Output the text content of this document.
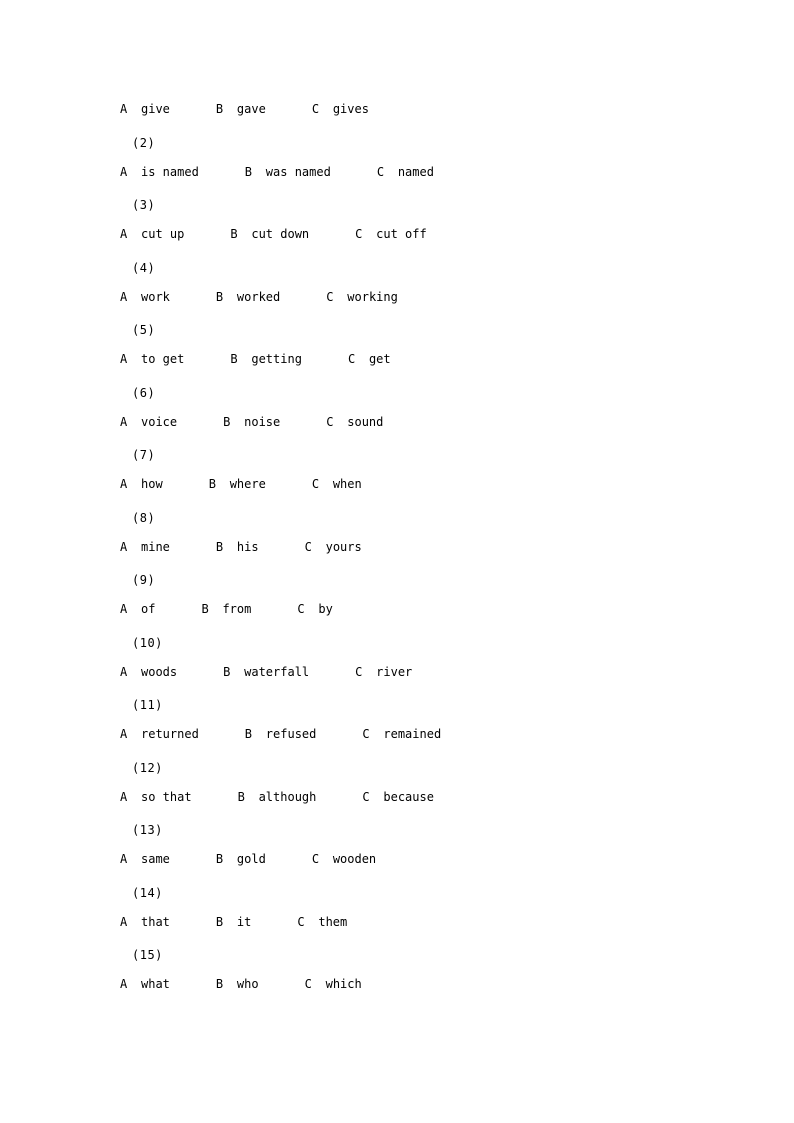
A give	B gave	C gives
(2)
A is named	B was named	C named
(3)
A cut up	B cut down	C cut off
(4)
A work	B worked	C working
(5)
A to get	B getting	C get
(6)
A voice	B noise	C sound
(7)
A how	B where	C when
(8)
A mine	B his	C yours
(9)
A of	B from	C by
(10)
A woods	B waterfall	C river
(11)
A returned	B refused	C remained
(12)
A so that	B although	C because
(13)
A same	B gold	C wooden
(14)
A that	B it	C them
(15)
A what	B who	C which
